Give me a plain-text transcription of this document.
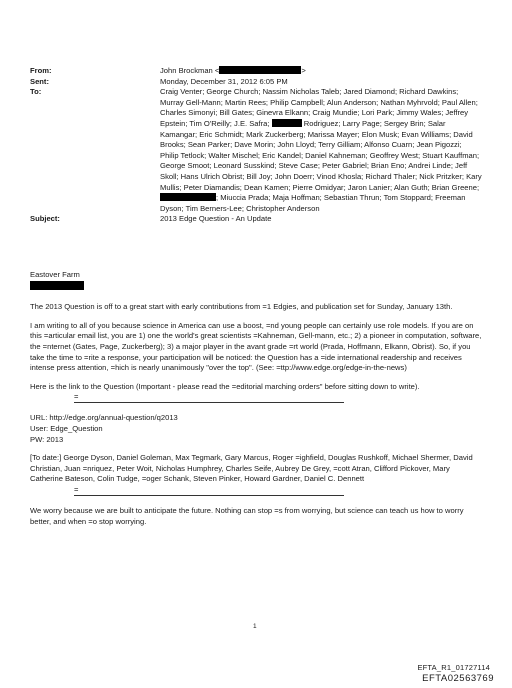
From:	John Brockman <	>
Sent:	Monday, December 31, 2012 6:05 PM
To:	Craig Venter; George Church; Nassim Nicholas Taleb; Jared Diamond; Richard Dawkins; Murray Gell-Mann; Martin Rees; Philip Campbell; Alun Anderson; Nathan Myhrvold; Paul Allen; Charles Simonyi; Bill Gates; Ginevra Elkann; Craig Mundie; Lori Park; Jimmy Wales; Jeffrey Epstein; Tim O'Reilly; J.E. Safra;	Rodriguez; Larry Page; Sergey Brin; Salar Kamangar; Eric Schmidt; Mark Zuckerberg; Marissa Mayer; Elon Musk; Evan Williams; David Brooks; Sean Parker; Dave Morin; John Lloyd; Terry Gilliam; Alfonso Cuarn; Jean Pigozzi; Philip Tetlock; Walter Mischel; Eric Kandel; Daniel Kahneman; Geoffrey West; Stuart Kauffman; George Smoot; Leonard Susskind; Steve Case; Peter Gabriel; Brian Eno; Andrei Linde; Jeff Skoll; Hans Ulrich Obrist; Bill Joy; John Doerr; Vinod Khosla; Richard Thaler; Nick Pritzker; Kary Mullis; Peter Diamandis; Dean Kamen; Pierre Omidyar; Jaron Lanier; Alan Guth; Brian Greene; ; Miuccia Prada; Maja Hoffman; Sebastian Thrun; Tom Stoppard; Freeman Dyson; Tim Berners-Lee; Christopher Anderson
Subject:	2013 Edge Question - An Update

Eastover Farm

The 2013 Question is off to a great start with early contributions from =1 Edgies, and publication set for Sunday, January 13th.

I am writing to all of you because science in America can use a boost, =nd young people can certainly use role models. If you are on this =articular email list, you are 1) one the world's great scientists =Kahneman, Gell-mann, etc.; 2) a pioneer in computation, software, the =nternet (Gates, Page, Zuckerberg); 3) a major player in the avant grade =rt world (Prada, Hoffmann, Elkann, Obrist). So, if you take the time to =rite a response, your participation will be noticed: the Question has a =ide international readership and receives intense press attention, =hich is nearly unanimously "over the top". (See: =ttp://www.edge.org/edge-in-the-news)

Here is the link to the Question (Important - please read the =editorial marching orders" before sitting down to write).

=

URL: http://edge.org/annual-question/q2013
User: Edge_Question
PW: 2013

[To date:] George Dyson, Daniel Goleman, Max Tegmark, Gary Marcus, Roger =ighfield, Douglas Rushkoff, Michael Shermer, David Christian, Juan =nriquez, Peter Woit, Nicholas Humphrey, Charles Seife, Aubrey De Grey, =cott Atran, Clifford Pickover, Mary Catherine Bateson, Colin Tudge, =oger Schank, Steven Pinker, Howard Gardner, Daniel C. Dennett

=

We worry because we are built to anticipate the future. Nothing can stop =s from worrying, but science can teach us how to worry better, and when =o stop worrying.

1
EFTA_R1_01727114
EFTA02563769
